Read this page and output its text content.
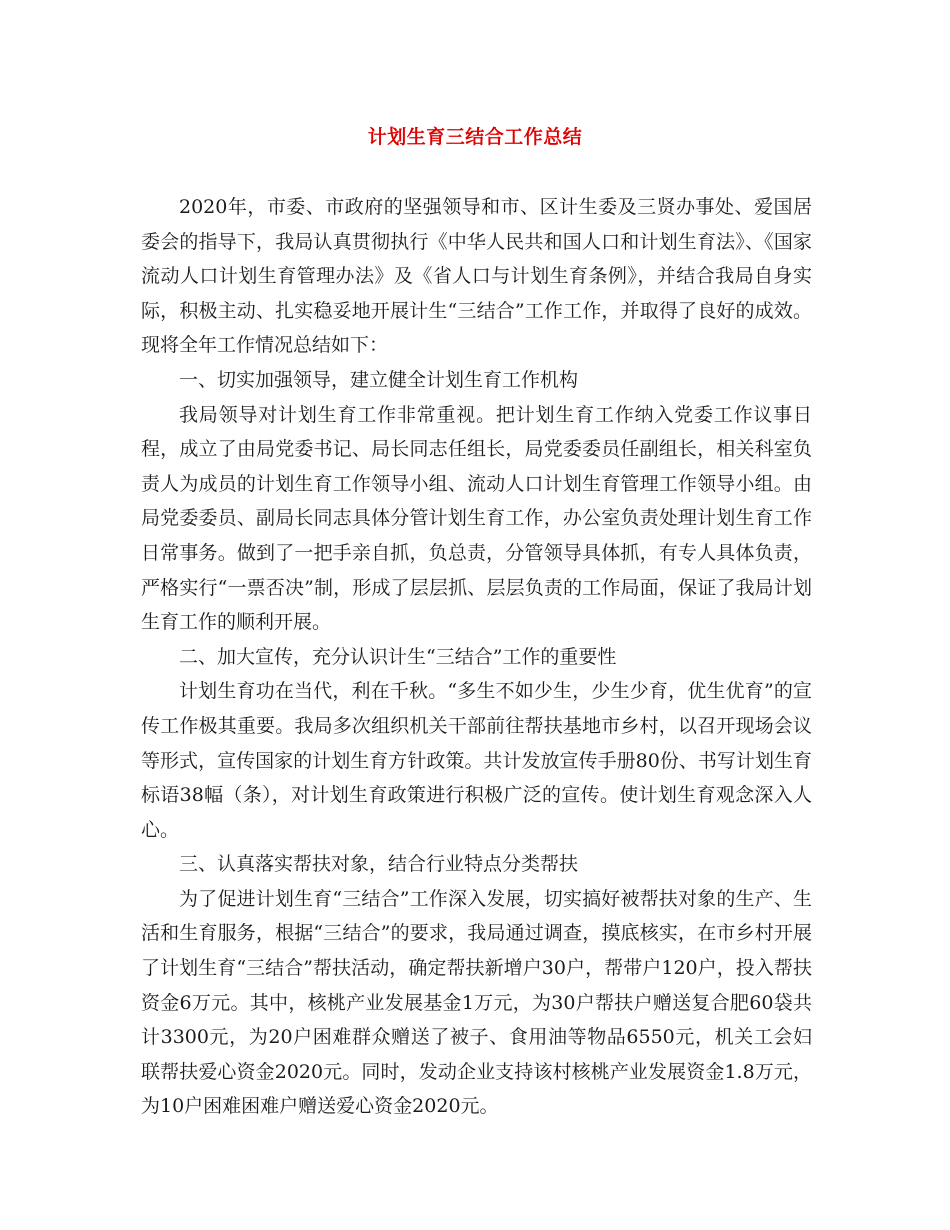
计划生育三结合工作总结

2020年，市委、市政府的坚强领导和市、区计生委及三贤办事处、爱国居委会的指导下，我局认真贯彻执行《中华人民共和国人口和计划生育法》、《国家流动人口计划生育管理办法》及《省人口与计划生育条例》，并结合我局自身实际，积极主动、扎实稳妥地开展计生“三结合”工作工作，并取得了良好的成效。现将全年工作情况总结如下：

一、切实加强领导，建立健全计划生育工作机构

我局领导对计划生育工作非常重视。把计划生育工作纳入党委工作议事日程，成立了由局党委书记、局长同志任组长，局党委委员任副组长，相关科室负责人为成员的计划生育工作领导小组、流动人口计划生育管理工作领导小组。由局党委委员、副局长同志具体分管计划生育工作，办公室负责处理计划生育工作日常事务。做到了一把手亲自抓，负总责，分管领导具体抓，有专人具体负责，严格实行“一票否决”制，形成了层层抓、层层负责的工作局面，保证了我局计划生育工作的顺利开展。

二、加大宣传，充分认识计生“三结合”工作的重要性

计划生育功在当代，利在千秋。“多生不如少生，少生少育，优生优育”的宣传工作极其重要。我局多次组织机关干部前往帮扶基地市乡村，以召开现场会议等形式，宣传国家的计划生育方针政策。共计发放宣传手册80份、书写计划生育标语38幅（条），对计划生育政策进行积极广泛的宣传。使计划生育观念深入人心。

三、认真落实帮扶对象，结合行业特点分类帮扶

为了促进计划生育“三结合”工作深入发展，切实搞好被帮扶对象的生产、生活和生育服务，根据“三结合”的要求，我局通过调查，摸底核实，在市乡村开展了计划生育“三结合”帮扶活动，确定帮扶新增户30户，帮带户120户，投入帮扶资金6万元。其中，核桃产业发展基金1万元，为30户帮扶户赠送复合肥60袋共计3300元，为20户困难群众赠送了被子、食用油等物品6550元，机关工会妇联帮扶爱心资金2020元。同时，发动企业支持该村核桃产业发展资金1.8万元，为10户困难困难户赠送爱心资金2020元。
